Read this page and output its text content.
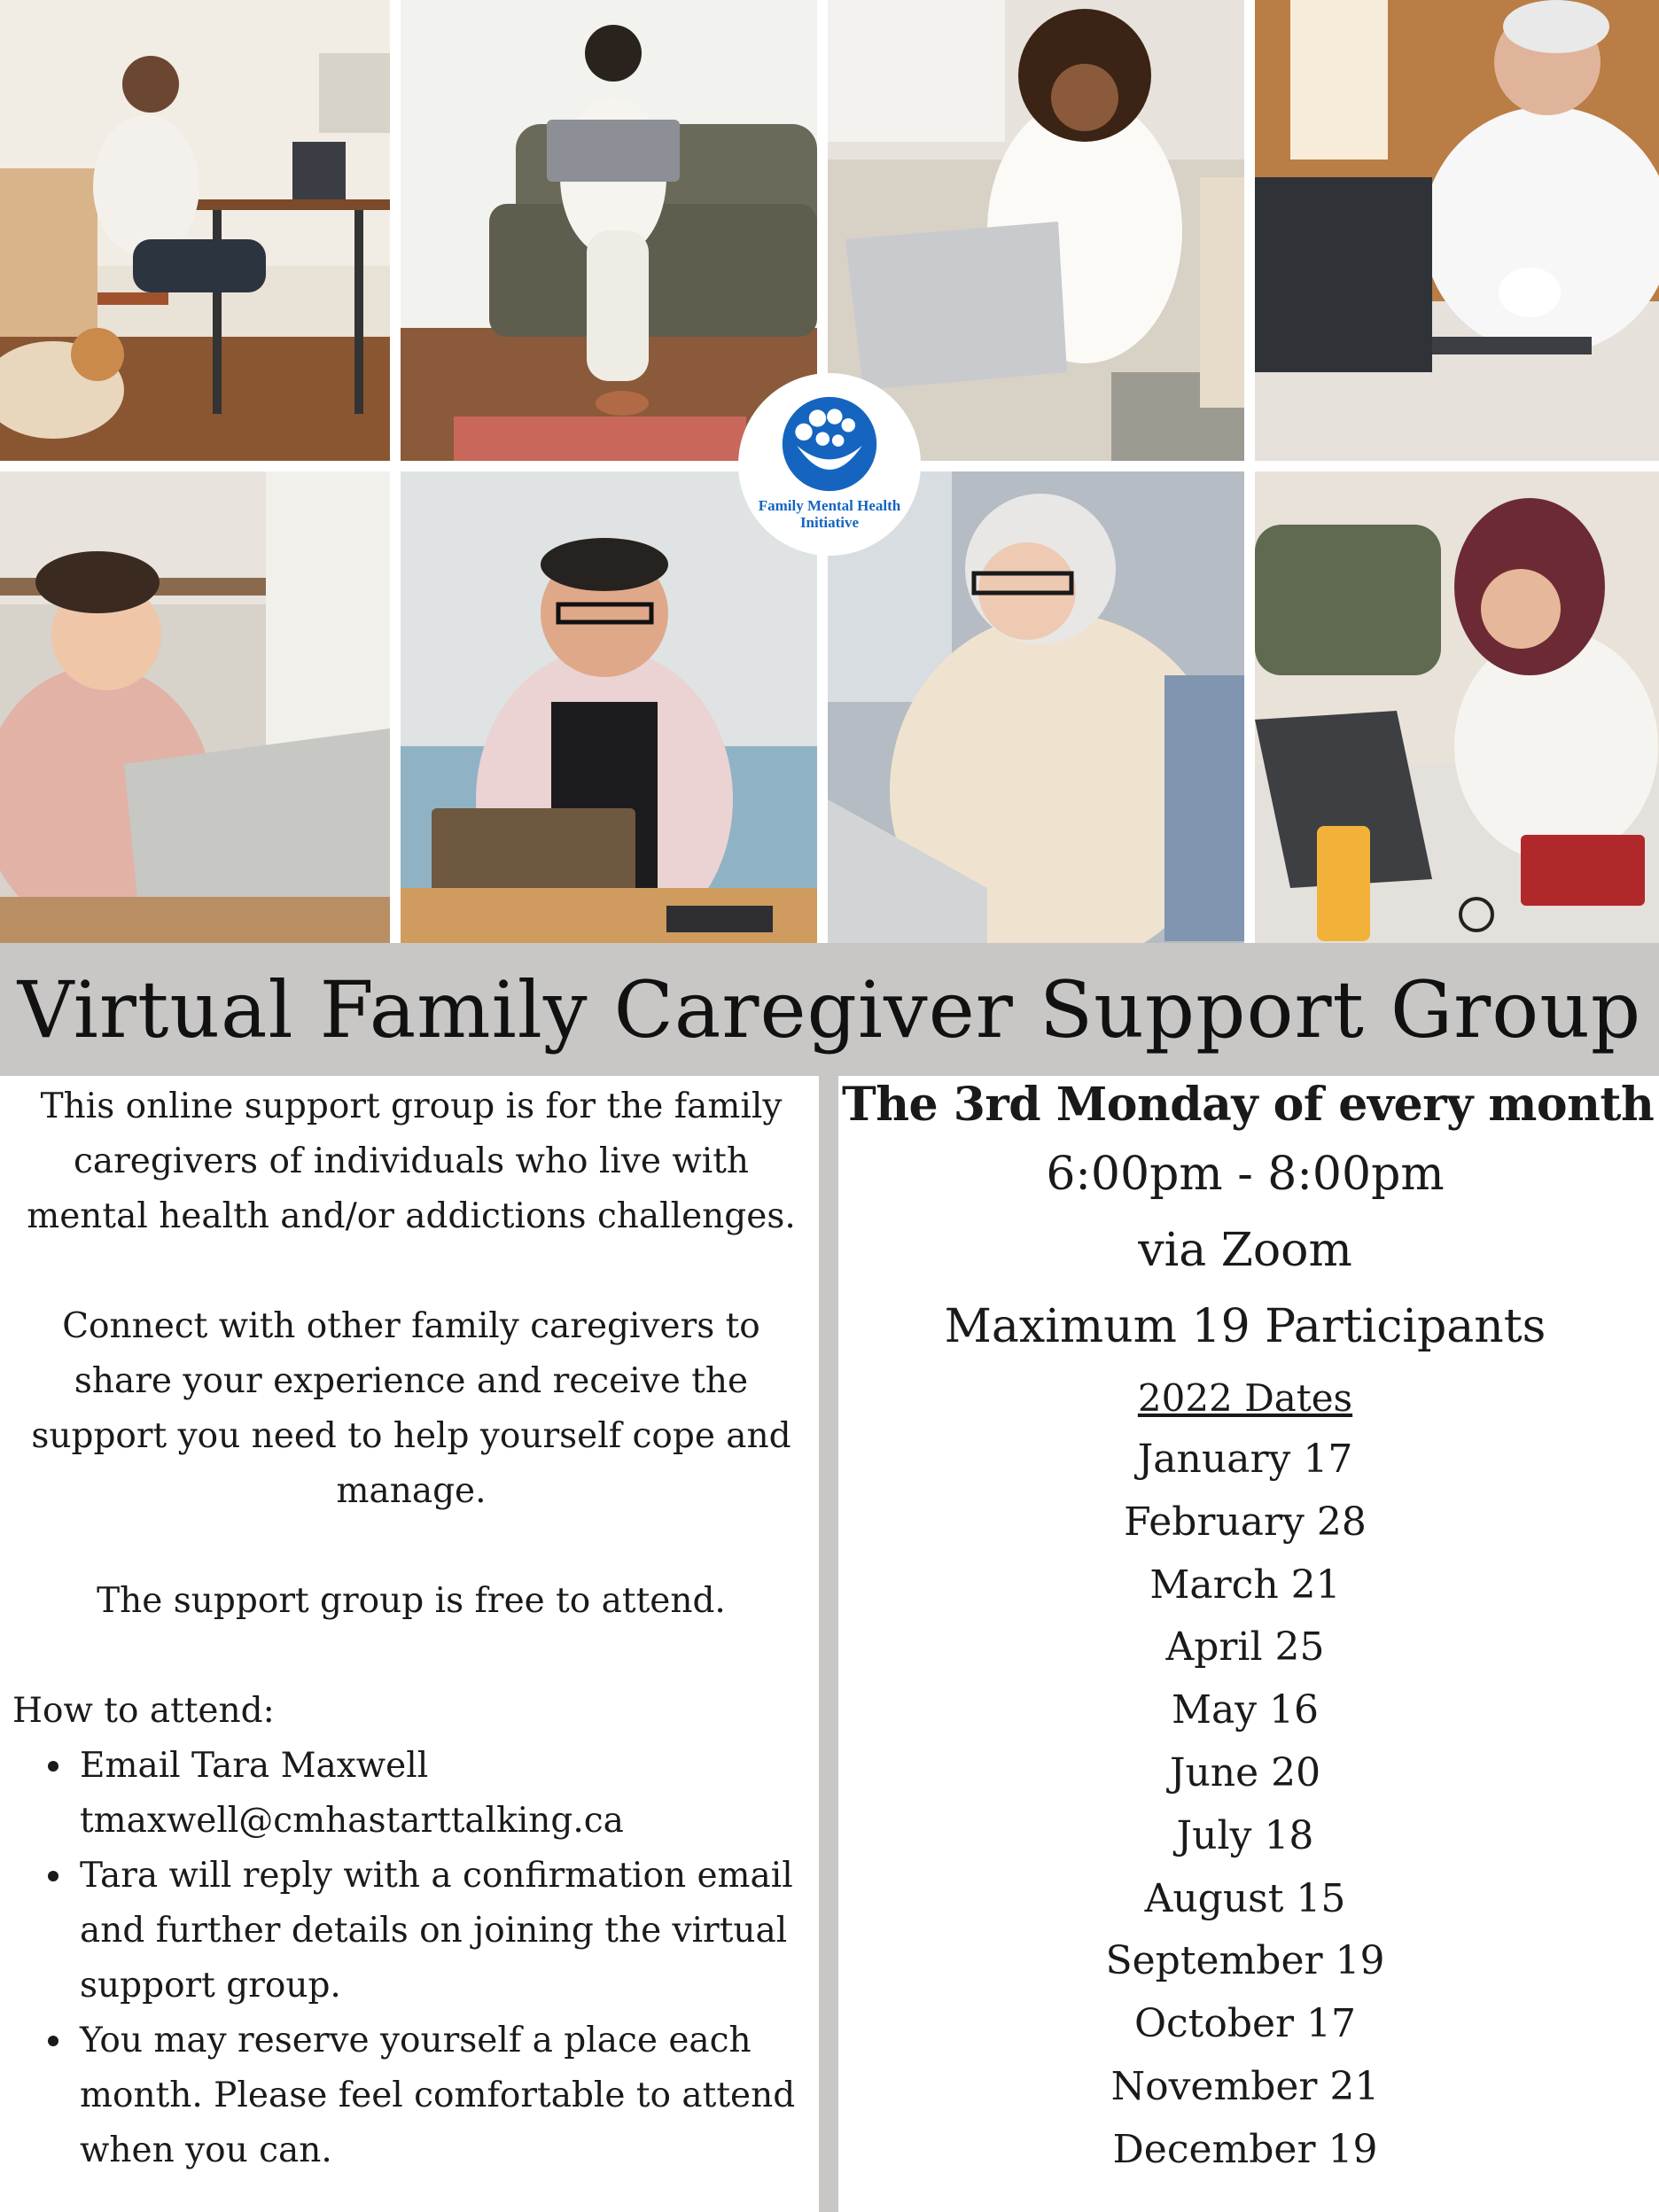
Family Mental Health
Initiative
Virtual Family Caregiver Support Group

This online support group is for the family

caregivers of individuals who live with

mental health and/or addictions challenges.

Connect with other family caregivers to

share your experience and receive the

support you need to help yourself cope and

manage.

The support group is free to attend.

How to attend:

Email Tara Maxwell
tmaxwell@cmhastarttalking.ca
Tara will reply with a confirmation email
and further details on joining the virtual
support group.
You may reserve yourself a place each
month. Please feel comfortable to attend
when you can.

The 3rd Monday of every month

6:00pm - 8:00pm

via Zoom

Maximum 19 Participants

2022 Dates
January 17
February 28
March 21
April 25
May 16
June 20
July 18
August 15
September 19
October 17
November 21
December 19
